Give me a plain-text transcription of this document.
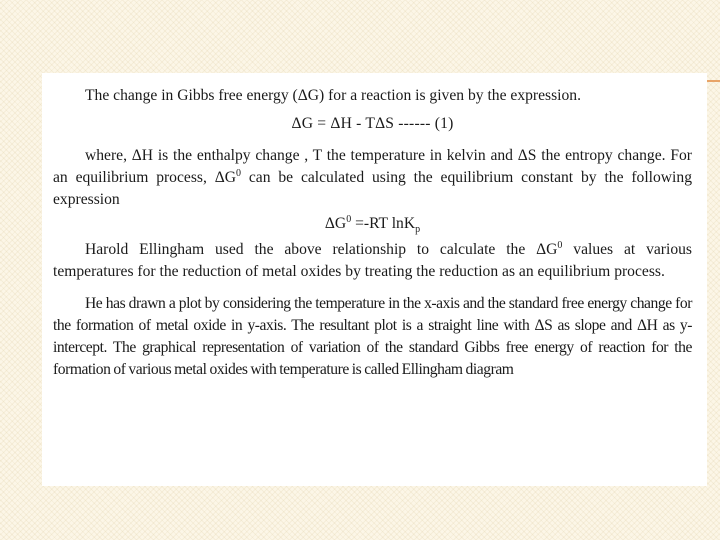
The change in Gibbs free energy (ΔG) for a reaction is given by the expression.

ΔG = ΔH - TΔS ------ (1)

where, ΔH is the enthalpy change , T the temperature in kelvin and ΔS the entropy change. For an equilibrium process, $\Delta G^0$ can be calculated using the equilibrium constant by the following expression

$\Delta G^0 =-RT$ lnK$_p$

Harold Ellingham used the above relationship to calculate the $\Delta G^0$ values at various temperatures for the reduction of metal oxides by treating the reduction as an equilibrium process.

He has drawn a plot by considering the temperature in the x-axis and the standard free energy change for the formation of metal oxide in y-axis. The resultant plot is a straight line with ΔS as slope and ΔH as y-intercept. The graphical representation of variation of the standard Gibbs free energy of reaction for the formation of various metal oxides with temperature is called Ellingham diagram
